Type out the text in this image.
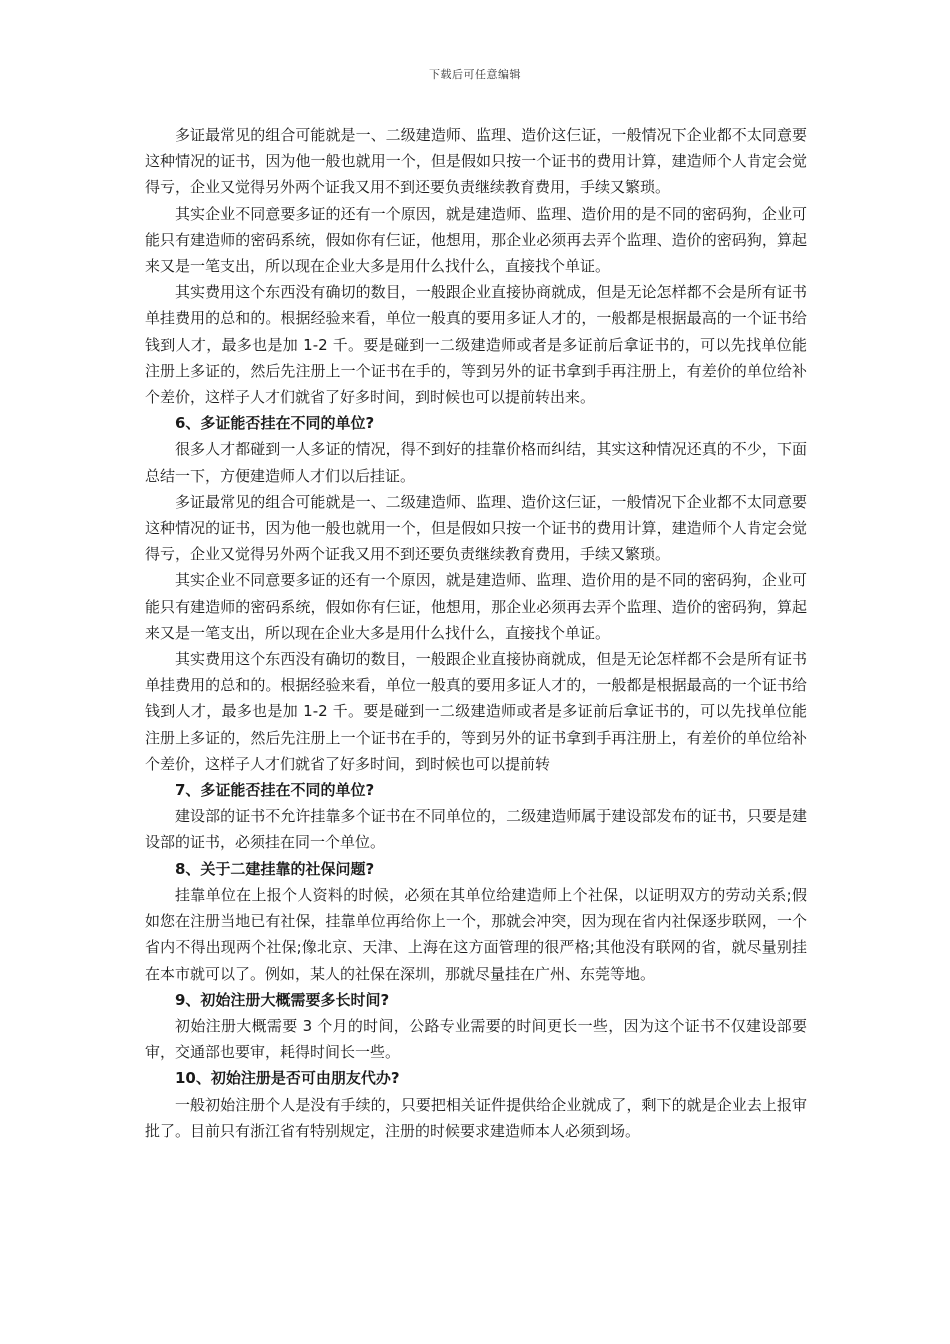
下载后可任意编辑

多证最常见的组合可能就是一、二级建造师、监理、造价这仨证，一般情况下企业都不太同意要这种情况的证书，因为他一般也就用一个，但是假如只按一个证书的费用计算，建造师个人肯定会觉得亏，企业又觉得另外两个证我又用不到还要负责继续教育费用，手续又繁琐。

其实企业不同意要多证的还有一个原因，就是建造师、监理、造价用的是不同的密码狗，企业可能只有建造师的密码系统，假如你有仨证，他想用，那企业必须再去弄个监理、造价的密码狗，算起来又是一笔支出，所以现在企业大多是用什么找什么，直接找个单证。

其实费用这个东西没有确切的数目，一般跟企业直接协商就成，但是无论怎样都不会是所有证书单挂费用的总和的。根据经验来看，单位一般真的要用多证人才的，一般都是根据最高的一个证书给钱到人才，最多也是加 1-2 千。要是碰到一二级建造师或者是多证前后拿证书的，可以先找单位能注册上多证的，然后先注册上一个证书在手的，等到另外的证书拿到手再注册上，有差价的单位给补个差价，这样子人才们就省了好多时间，到时候也可以提前转出来。

6、多证能否挂在不同的单位?

很多人才都碰到一人多证的情况，得不到好的挂靠价格而纠结，其实这种情况还真的不少，下面总结一下，方便建造师人才们以后挂证。

多证最常见的组合可能就是一、二级建造师、监理、造价这仨证，一般情况下企业都不太同意要这种情况的证书，因为他一般也就用一个，但是假如只按一个证书的费用计算，建造师个人肯定会觉得亏，企业又觉得另外两个证我又用不到还要负责继续教育费用，手续又繁琐。

其实企业不同意要多证的还有一个原因，就是建造师、监理、造价用的是不同的密码狗，企业可能只有建造师的密码系统，假如你有仨证，他想用，那企业必须再去弄个监理、造价的密码狗，算起来又是一笔支出，所以现在企业大多是用什么找什么，直接找个单证。

其实费用这个东西没有确切的数目，一般跟企业直接协商就成，但是无论怎样都不会是所有证书单挂费用的总和的。根据经验来看，单位一般真的要用多证人才的，一般都是根据最高的一个证书给钱到人才，最多也是加 1-2 千。要是碰到一二级建造师或者是多证前后拿证书的，可以先找单位能注册上多证的，然后先注册上一个证书在手的，等到另外的证书拿到手再注册上，有差价的单位给补个差价，这样子人才们就省了好多时间，到时候也可以提前转

7、多证能否挂在不同的单位?

建设部的证书不允许挂靠多个证书在不同单位的，二级建造师属于建设部发布的证书，只要是建设部的证书，必须挂在同一个单位。

8、关于二建挂靠的社保问题?

挂靠单位在上报个人资料的时候，必须在其单位给建造师上个社保，以证明双方的劳动关系;假如您在注册当地已有社保，挂靠单位再给你上一个，那就会冲突，因为现在省内社保逐步联网，一个省内不得出现两个社保;像北京、天津、上海在这方面管理的很严格;其他没有联网的省，就尽量别挂在本市就可以了。例如，某人的社保在深圳，那就尽量挂在广州、东莞等地。

9、初始注册大概需要多长时间?

初始注册大概需要 3 个月的时间，公路专业需要的时间更长一些，因为这个证书不仅建设部要审，交通部也要审，耗得时间长一些。

10、初始注册是否可由朋友代办?

一般初始注册个人是没有手续的，只要把相关证件提供给企业就成了，剩下的就是企业去上报审批了。目前只有浙江省有特别规定，注册的时候要求建造师本人必须到场。
